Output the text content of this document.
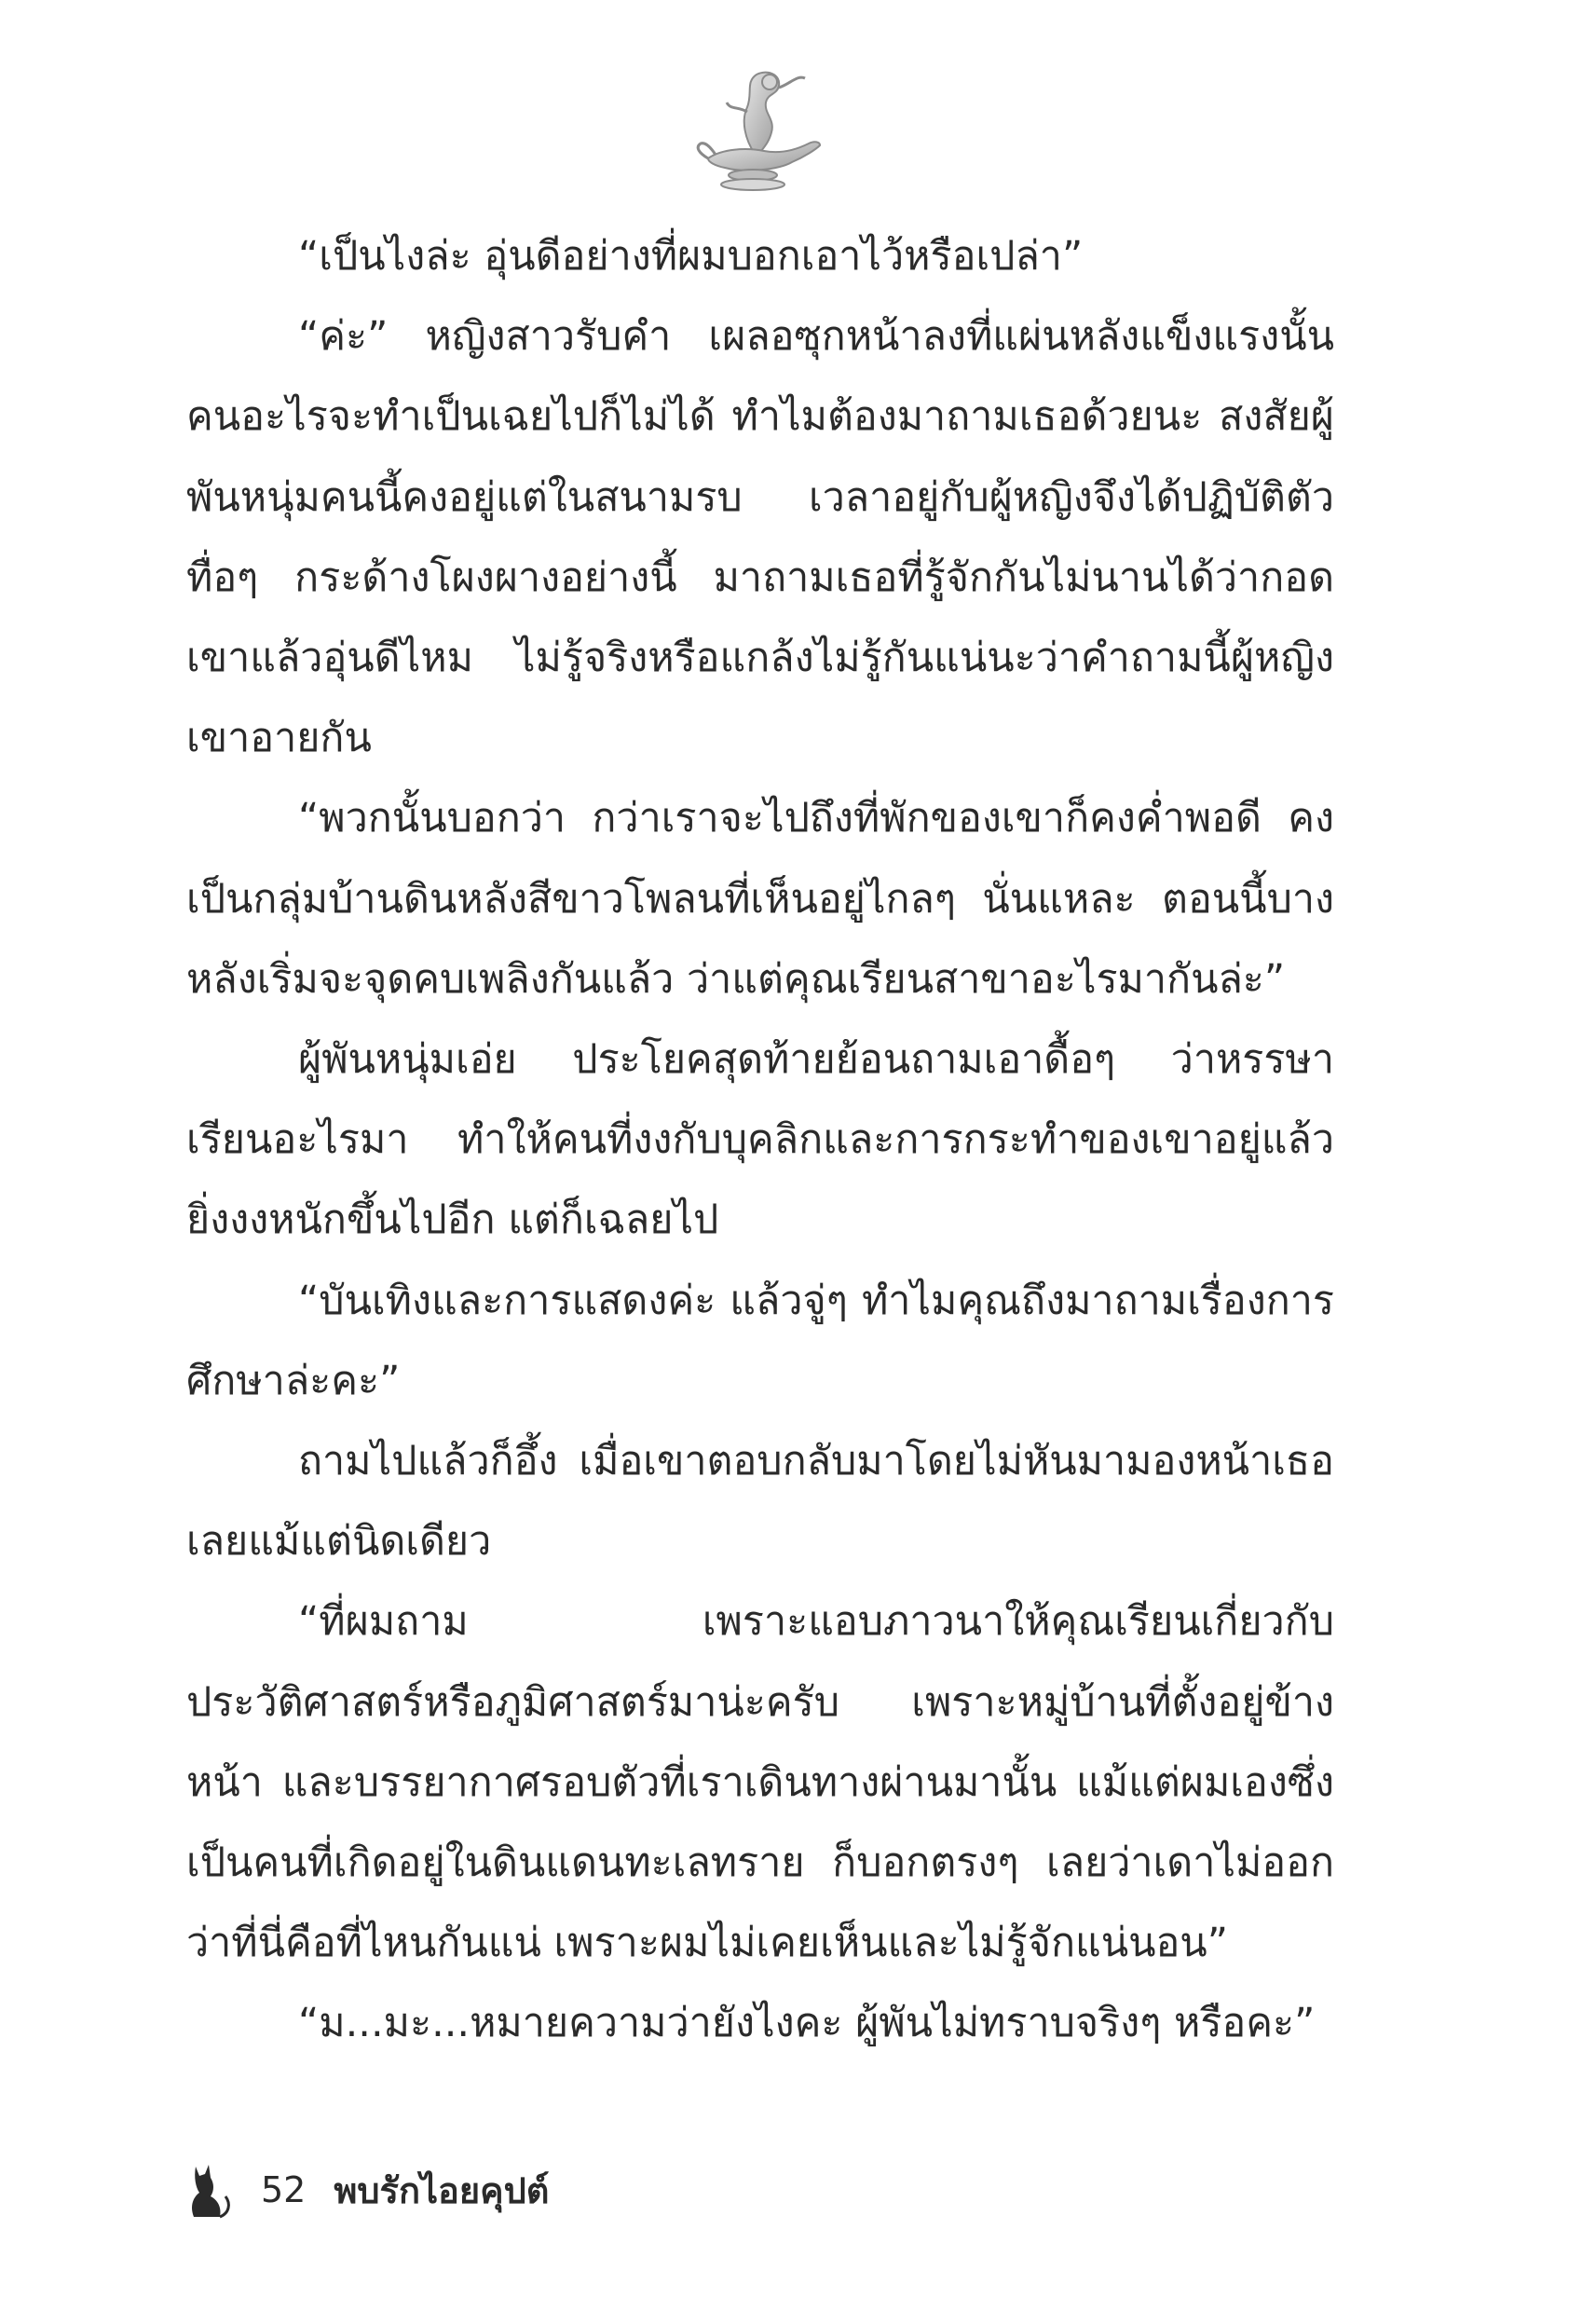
“เป็นไงล่ะ อุ่นดีอย่างที่ผมบอกเอาไว้หรือเปล่า”

“ค่ะ” หญิงสาวรับคำ เผลอซุกหน้าลงที่แผ่นหลังแข็งแรงนั้น คนอะไรจะทำเป็นเฉยไปก็ไม่ได้ ทำไมต้องมาถามเธอด้วยนะ สงสัยผู้พันหนุ่มคนนี้คงอยู่แต่ในสนามรบ เวลาอยู่กับผู้หญิงจึงได้ปฏิบัติตัวทื่อๆ กระด้างโผงผางอย่างนี้ มาถามเธอที่รู้จักกันไม่นานได้ว่ากอดเขาแล้วอุ่นดีไหม ไม่รู้จริงหรือแกล้งไม่รู้กันแน่นะว่าคำถามนี้ผู้หญิงเขาอายกัน

“พวกนั้นบอกว่า กว่าเราจะไปถึงที่พักของเขาก็คงค่ำพอดี คงเป็นกลุ่มบ้านดินหลังสีขาวโพลนที่เห็นอยู่ไกลๆ นั่นแหละ ตอนนี้บางหลังเริ่มจะจุดคบเพลิงกันแล้ว ว่าแต่คุณเรียนสาขาอะไรมากันล่ะ”

ผู้พันหนุ่มเอ่ย ประโยคสุดท้ายย้อนถามเอาดื้อๆ ว่าหรรษาเรียนอะไรมา ทำให้คนที่งงกับบุคลิกและการกระทำของเขาอยู่แล้วยิ่งงงหนักขึ้นไปอีก แต่ก็เฉลยไป

“บันเทิงและการแสดงค่ะ แล้วจู่ๆ ทำไมคุณถึงมาถามเรื่องการศึกษาล่ะคะ”

ถามไปแล้วก็อึ้ง เมื่อเขาตอบกลับมาโดยไม่หันมามองหน้าเธอเลยแม้แต่นิดเดียว

“ที่ผมถาม เพราะแอบภาวนาให้คุณเรียนเกี่ยวกับประวัติศาสตร์หรือภูมิศาสตร์มาน่ะครับ เพราะหมู่บ้านที่ตั้งอยู่ข้างหน้า และบรรยากาศรอบตัวที่เราเดินทางผ่านมานั้น แม้แต่ผมเองซึ่งเป็นคนที่เกิดอยู่ในดินแดนทะเลทราย ก็บอกตรงๆ เลยว่าเดาไม่ออกว่าที่นี่คือที่ไหนกันแน่ เพราะผมไม่เคยเห็นและไม่รู้จักแน่นอน”

“ม...มะ...หมายความว่ายังไงคะ ผู้พันไม่ทราบจริงๆ หรือคะ”

52 พบรักไอยคุปต์
